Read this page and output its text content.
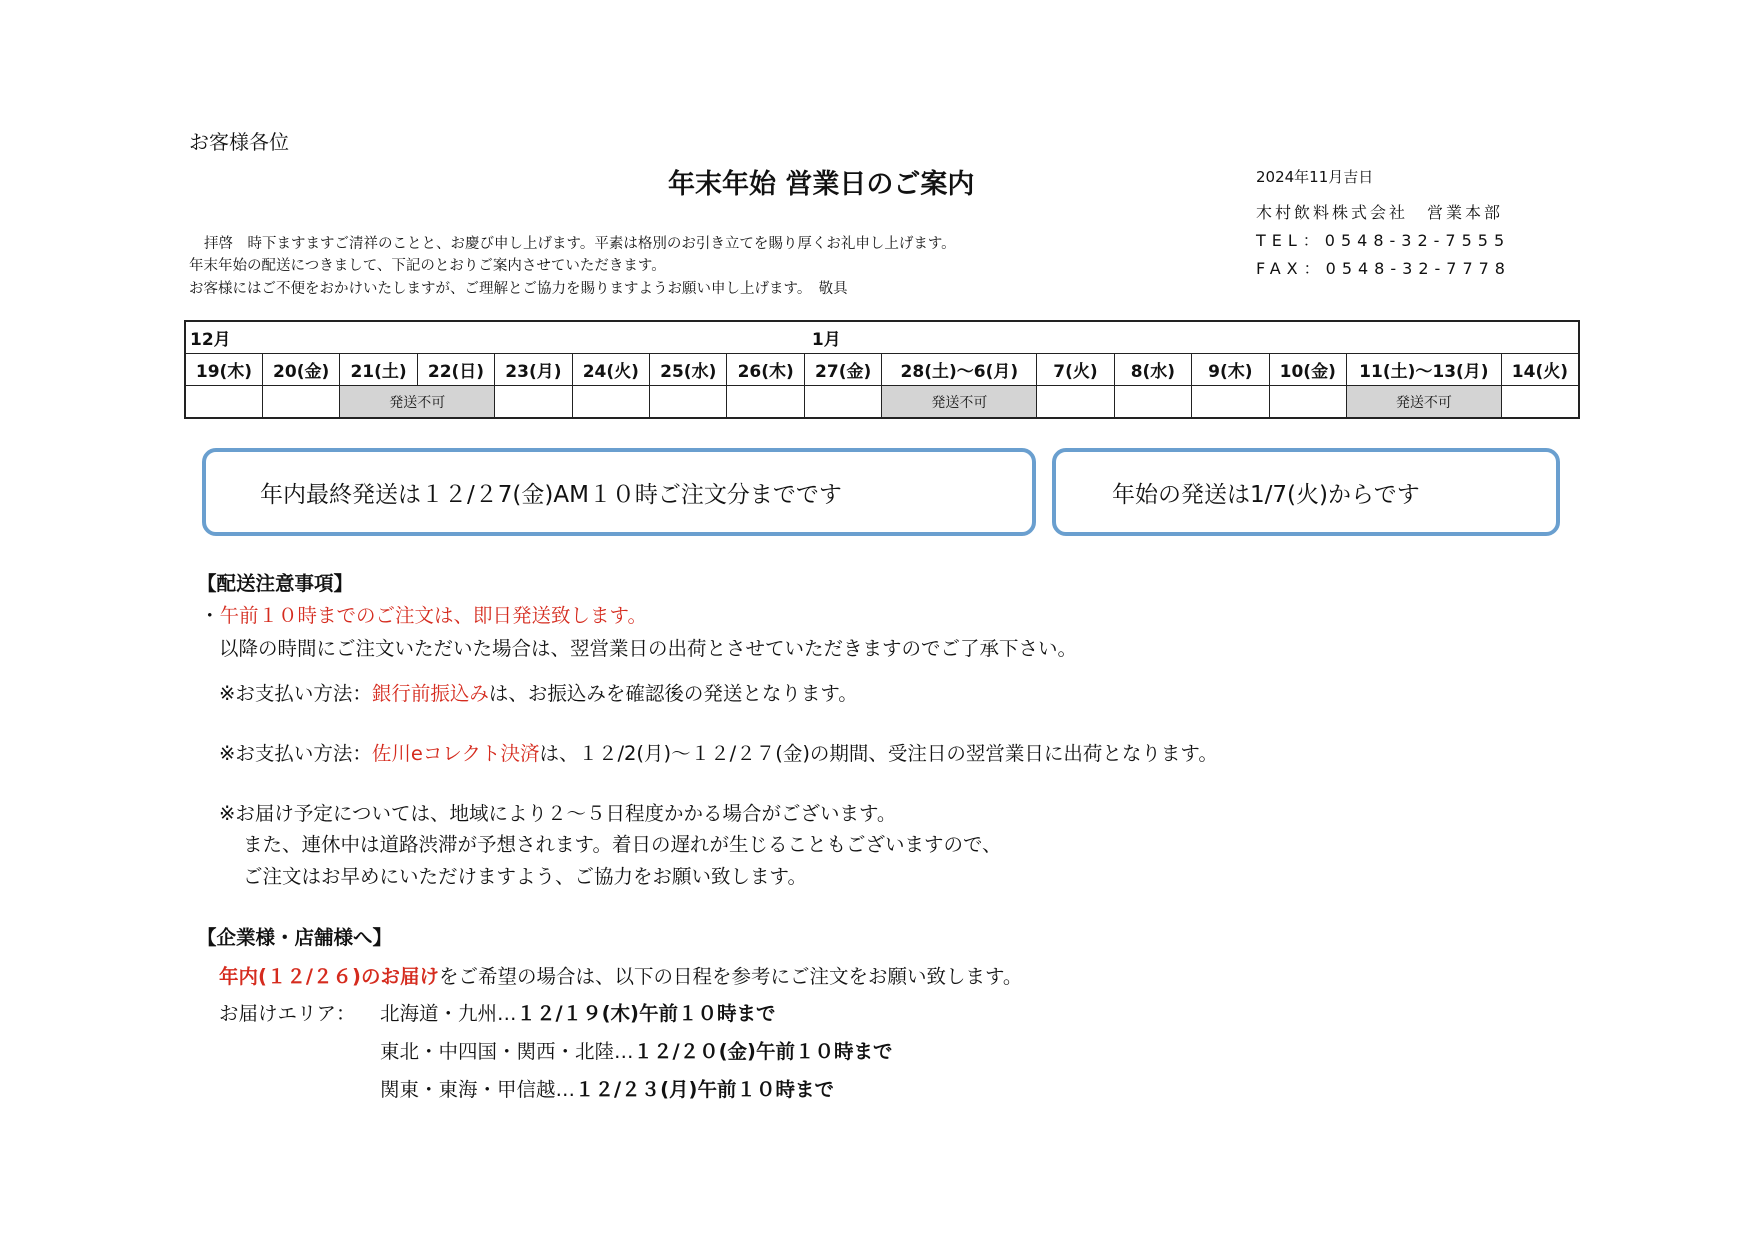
お客様各位
年末年始 営業日のご案内	2024年11月吉日
木村飲料株式会社　営業本部
TEL：0548-32-7555
FAX：0548-32-7778
拝啓　時下ますますご清祥のことと、お慶び申し上げます。平素は格別のお引き立てを賜り厚くお礼申し上げます。
年末年始の配送につきまして、下記のとおりご案内させていただきます。
お客様にはご不便をおかけいたしますが、ご理解とご協力を賜りますようお願い申し上げます。　敬具
12月									1月						
19(木)	20(金)	21(土)	22(日)	23(月)	24(火)	25(水)	26(木)	27(金)	28(土)～6(月)	7(火)	8(水)	9(木)	10(金)	11(土)～13(月)	14(火)
		発送不可							発送不可					発送不可	
年内最終発送は１２/２7(金)AM１０時ご注文分までです	年始の発送は1/7(火)からです
【配送注意事項】
・午前１０時までのご注文は、即日発送致します。
以降の時間にご注文いただいた場合は、翌営業日の出荷とさせていただきますのでご了承下さい。
※お支払い方法：銀行前振込みは、お振込みを確認後の発送となります。
※お支払い方法：佐川eコレクト決済は、１２/2(月)～１２/２７(金)の期間、受注日の翌営業日に出荷となります。
※お届け予定については、地域により２～５日程度かかる場合がございます。
また、連休中は道路渋滞が予想されます。着日の遅れが生じることもございますので、
ご注文はお早めにいただけますよう、ご協力をお願い致します。
【企業様・店舗様へ】
年内(１２/２６)のお届けをご希望の場合は、以下の日程を参考にご注文をお願い致します。
お届けエリア： 北海道・九州…１２/１９(木)午前１０時まで
東北・中四国・関西・北陸…１２/２０(金)午前１０時まで
関東・東海・甲信越…１２/２３(月)午前１０時まで
